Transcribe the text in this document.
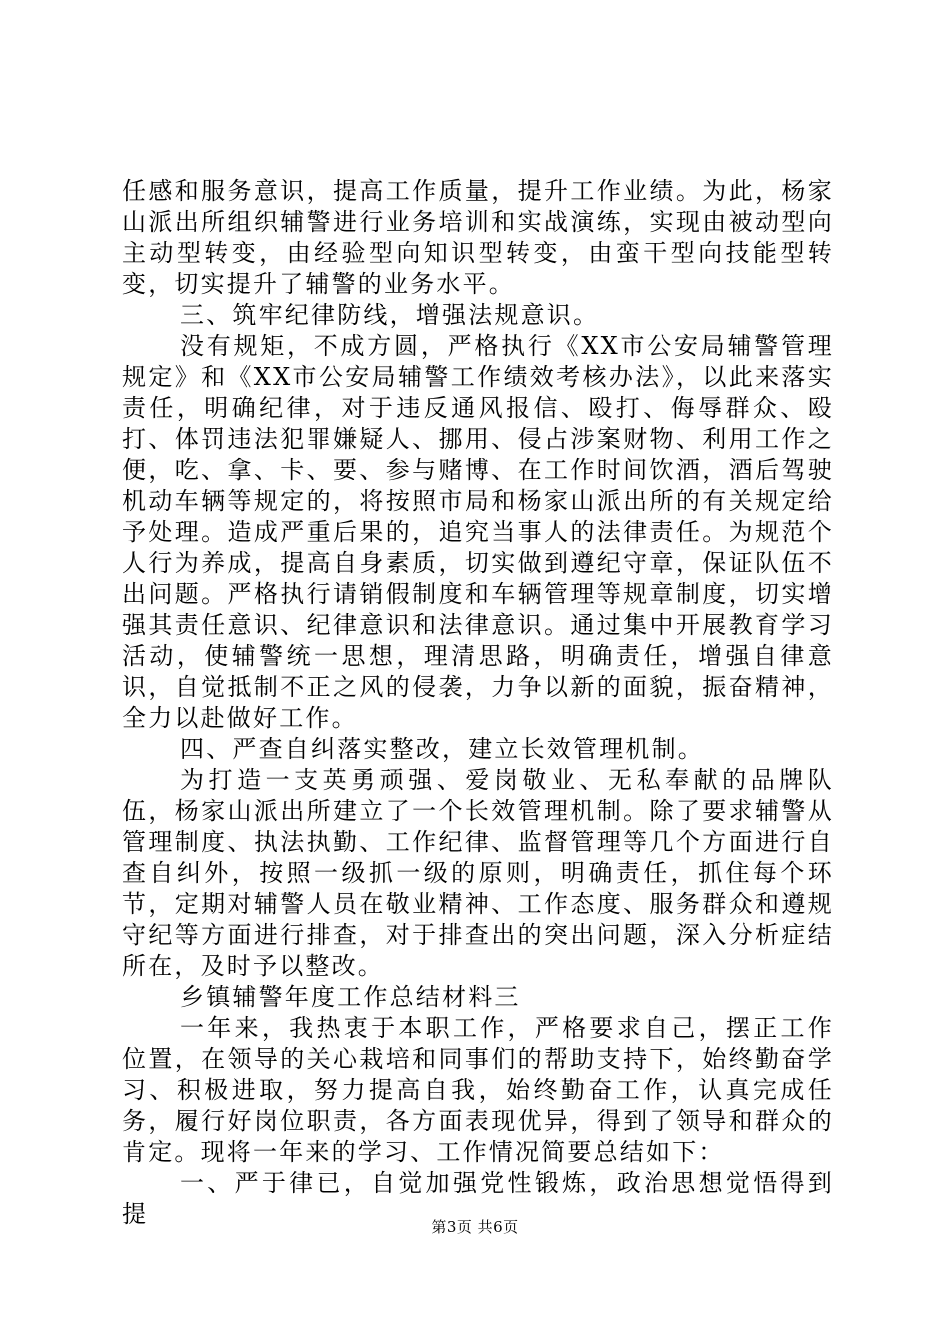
任感和服务意识，提高工作质量，提升工作业绩。为此，杨家山派出所组织辅警进行业务培训和实战演练，实现由被动型向主动型转变，由经验型向知识型转变，由蛮干型向技能型转变，切实提升了辅警的业务水平。

三、筑牢纪律防线，增强法规意识。

没有规矩，不成方圆，严格执行《XX市公安局辅警管理规定》和《XX市公安局辅警工作绩效考核办法》，以此来落实责任，明确纪律，对于违反通风报信、殴打、侮辱群众、殴打、体罚违法犯罪嫌疑人、挪用、侵占涉案财物、利用工作之便，吃、拿、卡、要、参与赌博、在工作时间饮酒，酒后驾驶机动车辆等规定的，将按照市局和杨家山派出所的有关规定给予处理。造成严重后果的，追究当事人的法律责任。为规范个人行为养成，提高自身素质，切实做到遵纪守章，保证队伍不出问题。严格执行请销假制度和车辆管理等规章制度，切实增强其责任意识、纪律意识和法律意识。通过集中开展教育学习活动，使辅警统一思想，理清思路，明确责任，增强自律意识，自觉抵制不正之风的侵袭，力争以新的面貌，振奋精神，全力以赴做好工作。

四、严查自纠落实整改，建立长效管理机制。

为打造一支英勇顽强、爱岗敬业、无私奉献的品牌队伍，杨家山派出所建立了一个长效管理机制。除了要求辅警从管理制度、执法执勤、工作纪律、监督管理等几个方面进行自查自纠外，按照一级抓一级的原则，明确责任，抓住每个环节，定期对辅警人员在敬业精神、工作态度、服务群众和遵规守纪等方面进行排查，对于排查出的突出问题，深入分析症结所在，及时予以整改。

乡镇辅警年度工作总结材料三

一年来，我热衷于本职工作，严格要求自己，摆正工作位置，在领导的关心栽培和同事们的帮助支持下，始终勤奋学习、积极进取，努力提高自我，始终勤奋工作，认真完成任务，履行好岗位职责，各方面表现优异，得到了领导和群众的肯定。现将一年来的学习、工作情况简要总结如下：

一、严于律已，自觉加强党性锻炼，政治思想觉悟得到提	第3页 共6页
